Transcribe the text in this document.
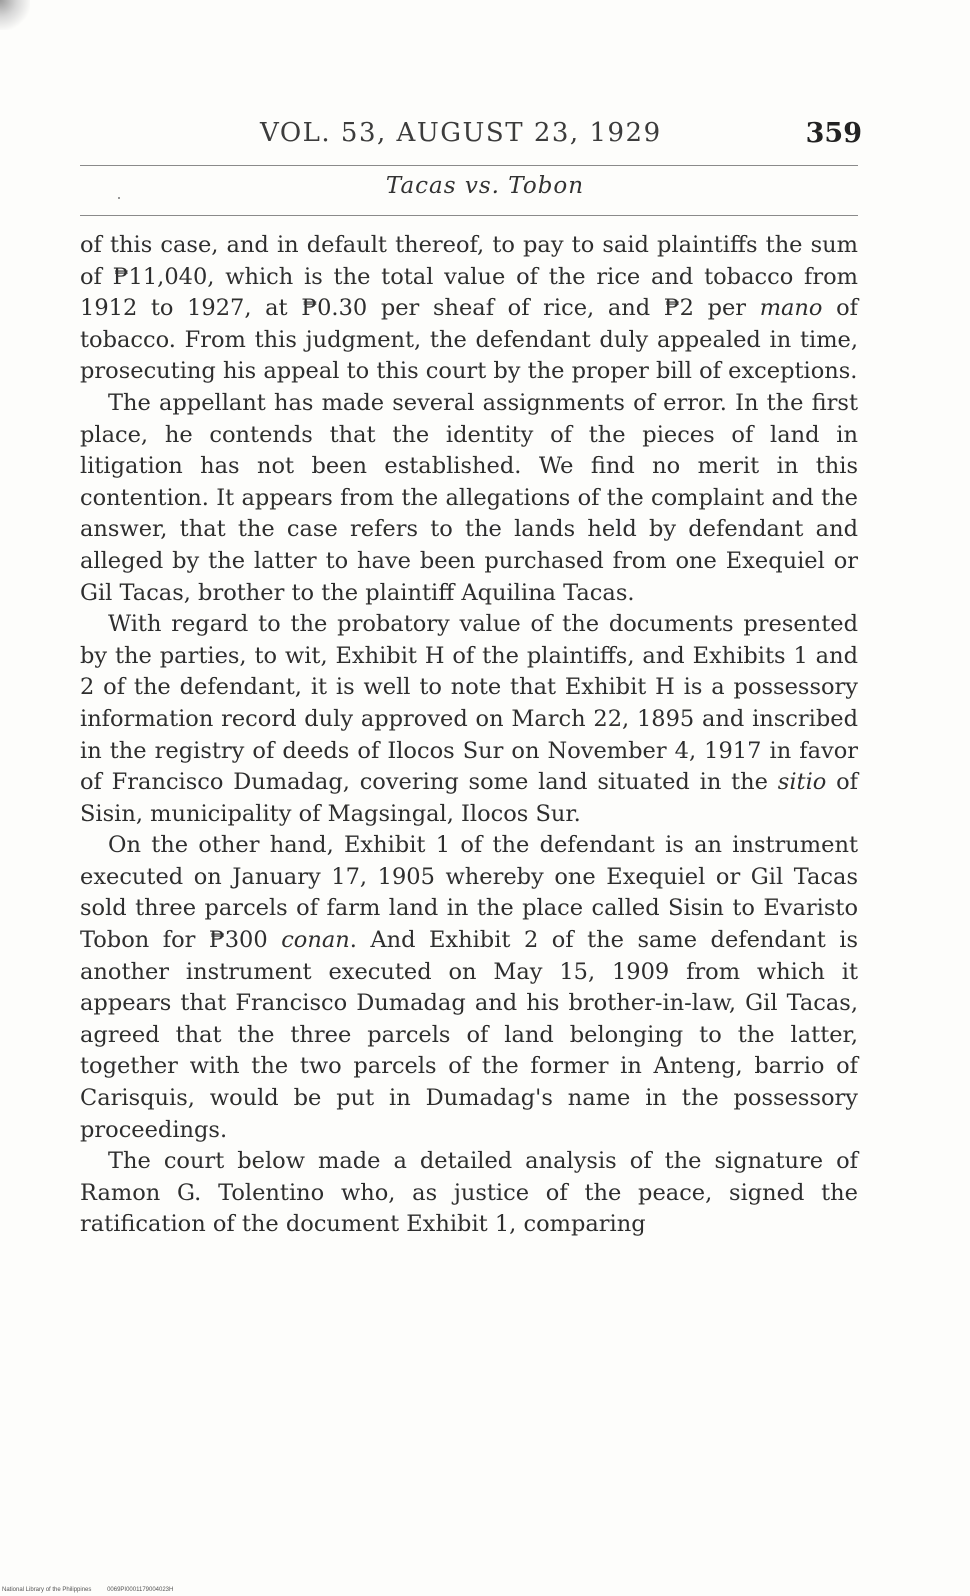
VOL. 53, AUGUST 23, 1929	359
Tacas vs. Tobon

of this case, and in default thereof, to pay to said plaintiffs the sum of ₱11,040, which is the total value of the rice and tobacco from 1912 to 1927, at ₱0.30 per sheaf of rice, and ₱2 per mano of tobacco. From this judgment, the defendant duly appealed in time, prosecuting his appeal to this court by the proper bill of exceptions.

The appellant has made several assignments of error. In the first place, he contends that the identity of the pieces of land in litigation has not been established. We find no merit in this contention. It appears from the allegations of the complaint and the answer, that the case refers to the lands held by defendant and alleged by the latter to have been purchased from one Exequiel or Gil Tacas, brother to the plaintiff Aquilina Tacas.

With regard to the probatory value of the documents presented by the parties, to wit, Exhibit H of the plaintiffs, and Exhibits 1 and 2 of the defendant, it is well to note that Exhibit H is a possessory information record duly approved on March 22, 1895 and inscribed in the registry of deeds of Ilocos Sur on November 4, 1917 in favor of Francisco Dumadag, covering some land situated in the sitio of Sisin, municipality of Magsingal, Ilocos Sur.

On the other hand, Exhibit 1 of the defendant is an instrument executed on January 17, 1905 whereby one Exequiel or Gil Tacas sold three parcels of farm land in the place called Sisin to Evaristo Tobon for ₱300 conan. And Exhibit 2 of the same defendant is another instrument executed on May 15, 1909 from which it appears that Francisco Dumadag and his brother-in-law, Gil Tacas, agreed that the three parcels of land belonging to the latter, together with the two parcels of the former in Anteng, barrio of Carisquis, would be put in Dumadag's name in the possessory proceedings.

The court below made a detailed analysis of the signature of Ramon G. Tolentino who, as justice of the peace, signed the ratification of the document Exhibit 1, comparing

National Library of the Philippines	0069PI0001179004023H
